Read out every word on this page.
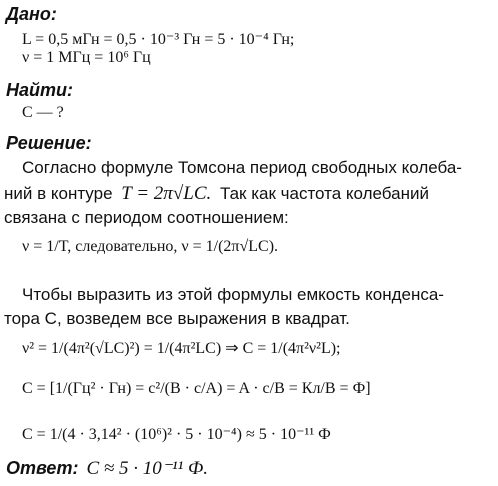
Дано:
L = 0,5 мГн = 0,5 · 10⁻³ Гн = 5 · 10⁻⁴ Гн;
ν = 1 МГц = 10⁶ Гц
Найти:
C — ?
Решение:
Согласно формуле Томсона период свободных колеба-
ний в контуре T = 2π√LC. Так как частота колебаний
связана с периодом соотношением:
ν = 1/T, следовательно, ν = 1/(2π√LC).
Чтобы выразить из этой формулы емкость конденса-
тора С, возведем все выражения в квадрат.
ν² = 1/(4π²(√LC)²) = 1/(4π²LC) ⇒ C = 1/(4π²ν²L);
C = [1/(Гц² · Гн) = c²/(B · c/A) = A · c/B = Кл/B = Ф]
C = 1/(4 · 3,14² · (10⁶)² · 5 · 10⁻⁴) ≈ 5 · 10⁻¹¹ Ф
Ответ: C ≈ 5 · 10⁻¹¹ Ф.
